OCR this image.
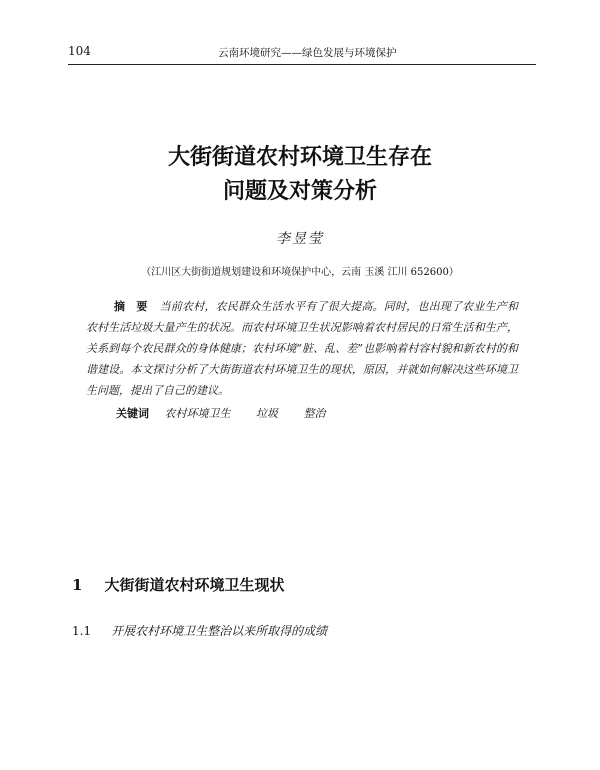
104	云南环境研究——绿色发展与环境保护
大街街道农村环境卫生存在
问题及对策分析
李昱莹
（江川区大街街道规划建设和环境保护中心，云南 玉溪 江川 652600）
摘　要 当前农村，农民群众生活水平有了很大提高。同时，也出现了农业生产和农村生活垃圾大量产生的状况。而农村环境卫生状况影响着农村居民的日常生活和生产，关系到每个农民群众的身体健康；农村环境“脏、乱、差”也影响着村容村貌和新农村的和谐建设。本文探讨分析了大街街道农村环境卫生的现状，原因，并就如何解决这些环境卫生问题，提出了自己的建议。
关键词 农村环境卫生 垃圾 整治
1 大街街道农村环境卫生现状
1.1 开展农村环境卫生整治以来所取得的成绩
